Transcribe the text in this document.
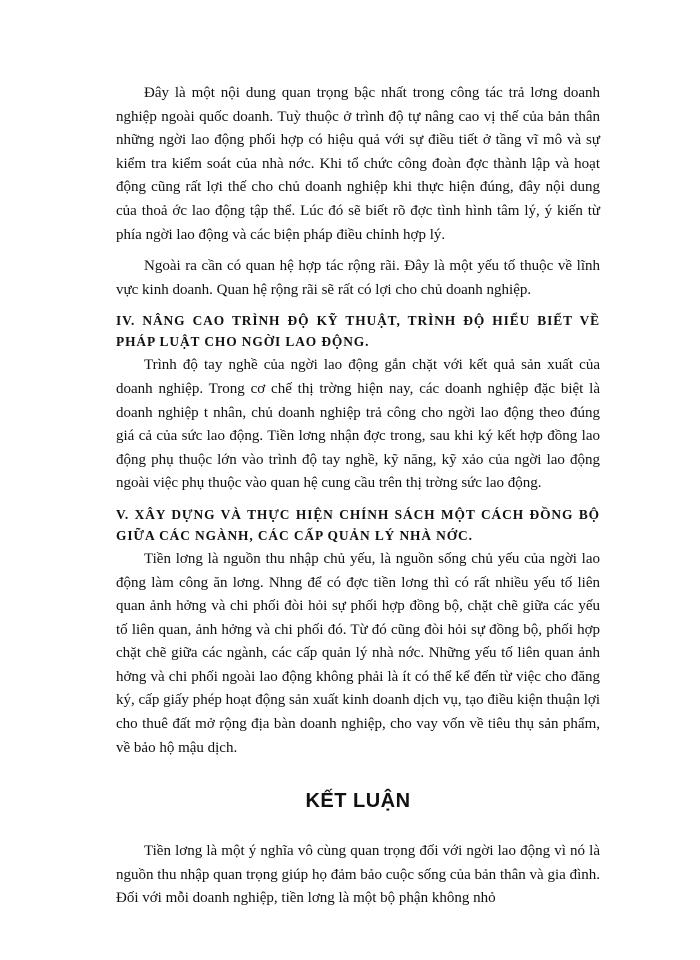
Đây là một nội dung quan trọng bậc nhất trong công tác trả lơng doanh nghiệp ngoài quốc doanh. Tuỳ thuộc ở trình độ tự nâng cao vị thế của bản thân những ngời lao động phối hợp có hiệu quả với sự điều tiết ở tầng vĩ mô và sự kiểm tra kiểm soát của nhà nớc. Khi tổ chức công đoàn đợc thành lập và hoạt động cũng rất lợi thế cho chủ doanh nghiệp khi thực hiện đúng, đây nội dung của thoả ớc lao động tập thể. Lúc đó sẽ biết rõ đợc tình hình tâm lý, ý kiến từ phía ngời lao động và các biện pháp điều chỉnh hợp lý.

Ngoài ra cần có quan hệ hợp tác rộng rãi. Đây là một yếu tố thuộc về lĩnh vực kinh doanh. Quan hệ rộng rãi sẽ rất có lợi cho chủ doanh nghiệp.

IV. NÂNG CAO TRÌNH ĐỘ KỸ THUẬT, TRÌNH ĐỘ HIỂU BIẾT VỀ PHÁP LUẬT CHO NGỜI LAO ĐỘNG.

Trình độ tay nghề của ngời lao động gắn chặt với kết quả sản xuất của doanh nghiệp. Trong cơ chế thị trờng hiện nay, các doanh nghiệp đặc biệt là doanh nghiệp t nhân, chủ doanh nghiệp trả công cho ngời lao động theo đúng giá cả của sức lao động. Tiền lơng nhận đợc trong, sau khi ký kết hợp đồng lao động phụ thuộc lớn vào trình độ tay nghề, kỹ năng, kỹ xảo của ngời lao động ngoài việc phụ thuộc vào quan hệ cung cầu trên thị trờng sức lao động.

V. XÂY DỰNG VÀ THỰC HIỆN CHÍNH SÁCH MỘT CÁCH ĐỒNG BỘ GIỮA CÁC NGÀNH, CÁC CẤP QUẢN LÝ NHÀ NỚC.

Tiền lơng là nguồn thu nhập chủ yếu, là nguồn sống chủ yếu của ngời lao động làm công ăn lơng. Nhng để có đợc tiền lơng thì có rất nhiều yếu tố liên quan ảnh hởng và chi phối đòi hỏi sự phối hợp đồng bộ, chặt chẽ giữa các yếu tố liên quan, ảnh hởng và chi phối đó. Từ đó cũng đòi hỏi sự đồng bộ, phối hợp chặt chẽ giữa các ngành, các cấp quản lý nhà nớc. Những yếu tố liên quan ảnh hởng và chi phối ngoài lao động không phải là ít có thể kể đến từ việc cho đăng ký, cấp giấy phép hoạt động sản xuất kinh doanh dịch vụ, tạo điều kiện thuận lợi cho thuê đất mở rộng địa bàn doanh nghiệp, cho vay vốn về tiêu thụ sản phẩm, về bảo hộ mậu dịch.

KẾT LUẬN

Tiền lơng là một ý nghĩa vô cùng quan trọng đối với ngời lao động vì nó là nguồn thu nhập quan trọng giúp họ đảm bảo cuộc sống của bản thân và gia đình. Đối với mỗi doanh nghiệp, tiền lơng là một bộ phận không nhỏ
